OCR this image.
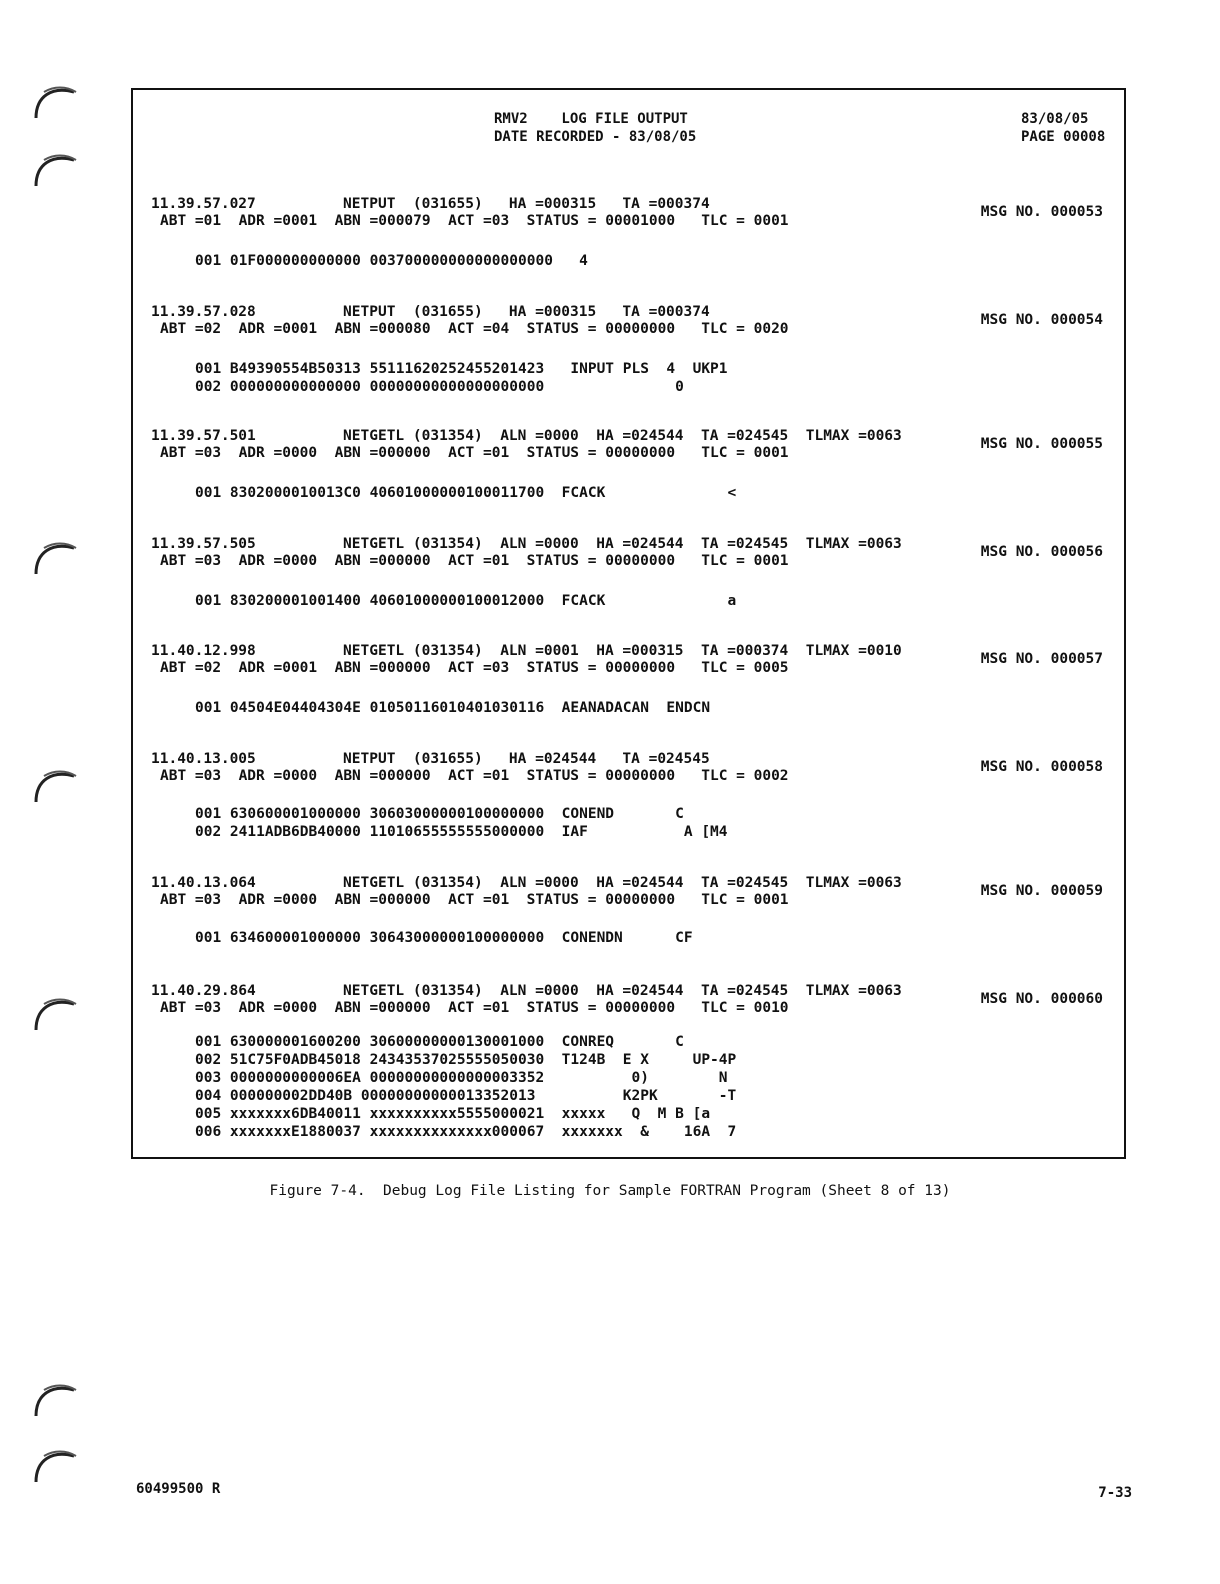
RMV2    LOG FILE OUTPUT
DATE RECORDED - 83/08/05
83/08/05
PAGE 00008
11.39.57.027          NETPUT  (031655)   HA =000315   TA =000374
ABT =01  ADR =0001  ABN =000079  ACT =03  STATUS = 00001000   TLC = 0001
MSG NO. 000053
001 01F000000000000 003700000000000000000   4
11.39.57.028          NETPUT  (031655)   HA =000315   TA =000374
ABT =02  ADR =0001  ABN =000080  ACT =04  STATUS = 00000000   TLC = 0020
MSG NO. 000054
001 B49390554B50313 55111620252455201423   INPUT PLS  4  UKP1
002 000000000000000 00000000000000000000               0
11.39.57.501          NETGETL (031354)  ALN =0000  HA =024544  TA =024545  TLMAX =0063
ABT =03  ADR =0000  ABN =000000  ACT =01  STATUS = 00000000   TLC = 0001
MSG NO. 000055
001 8302000010013C0 40601000000100011700  FCACK              <
11.39.57.505          NETGETL (031354)  ALN =0000  HA =024544  TA =024545  TLMAX =0063
ABT =03  ADR =0000  ABN =000000  ACT =01  STATUS = 00000000   TLC = 0001
MSG NO. 000056
001 830200001001400 40601000000100012000  FCACK              a
11.40.12.998          NETGETL (031354)  ALN =0001  HA =000315  TA =000374  TLMAX =0010
ABT =02  ADR =0001  ABN =000000  ACT =03  STATUS = 00000000   TLC = 0005
MSG NO. 000057
001 04504E04404304E 01050116010401030116  AEANADACAN  ENDCN
11.40.13.005          NETPUT  (031655)   HA =024544   TA =024545
ABT =03  ADR =0000  ABN =000000  ACT =01  STATUS = 00000000   TLC = 0002
MSG NO. 000058
001 630600001000000 30603000000100000000  CONEND       C
002 2411ADB6DB40000 11010655555555000000  IAF           A [M4
11.40.13.064          NETGETL (031354)  ALN =0000  HA =024544  TA =024545  TLMAX =0063
ABT =03  ADR =0000  ABN =000000  ACT =01  STATUS = 00000000   TLC = 0001
MSG NO. 000059
001 634600001000000 30643000000100000000  CONENDN      CF
11.40.29.864          NETGETL (031354)  ALN =0000  HA =024544  TA =024545  TLMAX =0063
ABT =03  ADR =0000  ABN =000000  ACT =01  STATUS = 00000000   TLC = 0010
MSG NO. 000060
001 630000001600200 30600000000130001000  CONREQ       C
002 51C75F0ADB45018 24343537025555050030  T124B  E X     UP-4P
003 0000000000006EA 00000000000000003352          0)        N
004 000000002DD40B 00000000000013352013          K2PK       -T
005 xxxxxxx6DB40011 xxxxxxxxxx5555000021  xxxxx   Q  M B [a
006 xxxxxxxE1880037 xxxxxxxxxxxxxx000067  xxxxxxx  &    16A  7
Figure 7-4.  Debug Log File Listing for Sample FORTRAN Program (Sheet 8 of 13)
60499500 R	7-33
